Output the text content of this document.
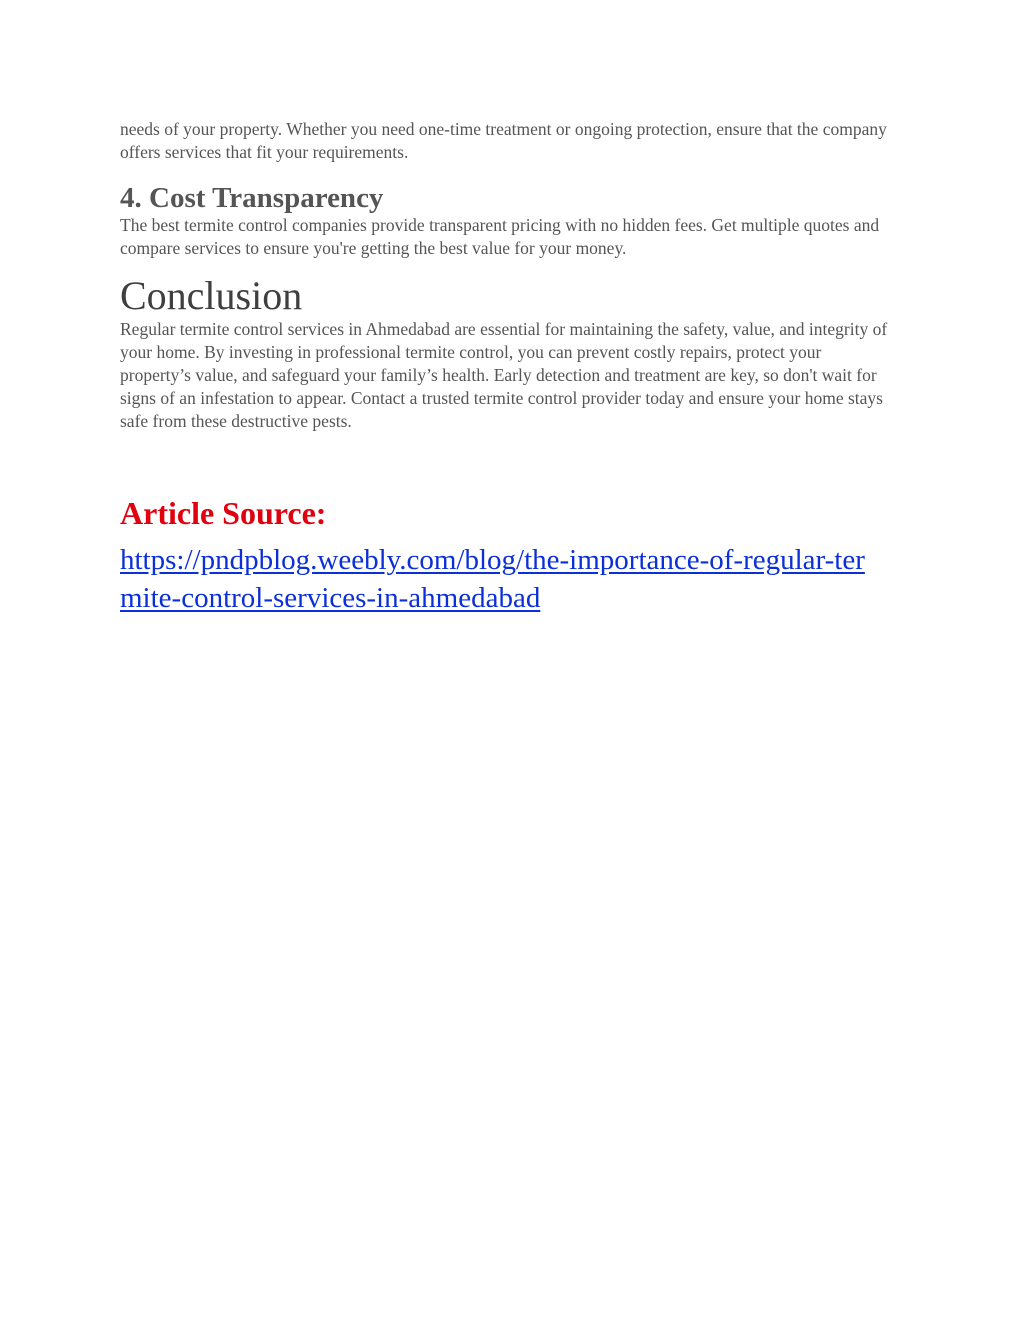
needs of your property. Whether you need one-time treatment or ongoing protection, ensure that the company offers services that fit your requirements.

4. Cost Transparency

The best termite control companies provide transparent pricing with no hidden fees. Get multiple quotes and compare services to ensure you're getting the best value for your money.

Conclusion

Regular termite control services in Ahmedabad are essential for maintaining the safety, value, and integrity of your home. By investing in professional termite control, you can prevent costly repairs, protect your property’s value, and safeguard your family’s health. Early detection and treatment are key, so don't wait for signs of an infestation to appear. Contact a trusted termite control provider today and ensure your home stays safe from these destructive pests.

Article Source:
https://pndpblog.weebly.com/blog/the-importance-of-regular-termite-control-services-in-ahmedabad
